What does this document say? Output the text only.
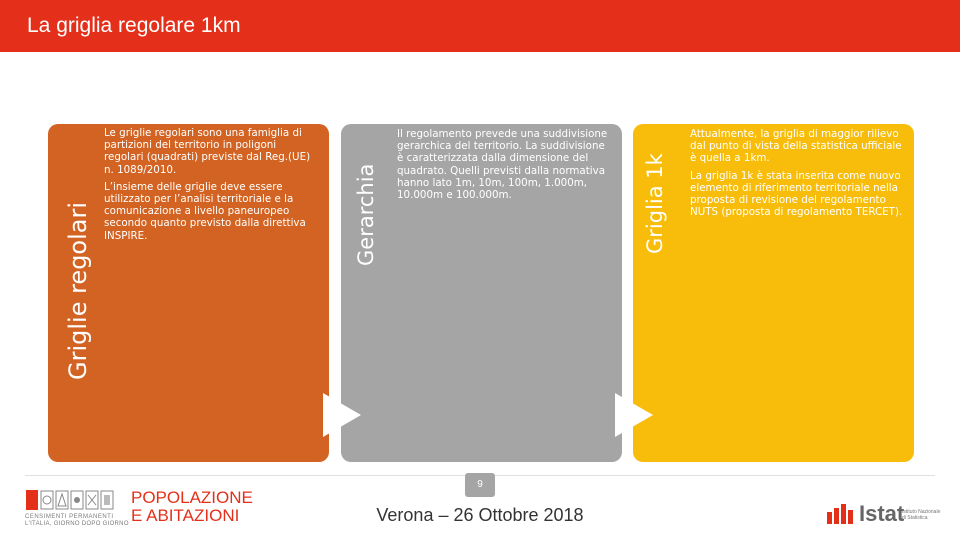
La griglia regolare 1km
Griglie regolari

Le griglie regolari sono una famiglia di partizioni del territorio in poligoni regolari (quadrati) previste dal Reg.(UE) n. 1089/2010.

L’insieme delle griglie deve essere utilizzato per l’analisi territoriale e la comunicazione a livello paneuropeo secondo quanto previsto dalla direttiva INSPIRE.	Gerarchia

Il regolamento prevede una suddivisione gerarchica del territorio. La suddivisione è caratterizzata dalla dimensione del quadrato. Quelli previsti dalla normativa hanno lato 1m, 10m, 100m, 1.000m, 10.000m e 100.000m.	Griglia 1k

Attualmente, la griglia di maggior rilievo dal punto di vista della statistica ufficiale è quella a 1km.

La griglia 1k è stata inserita come nuovo elemento di riferimento territoriale nella proposta di revisione del regolamento NUTS (proposta di regolamento TERCET).

9
CENSIMENTI PERMANENTI
L'ITALIA, GIORNO DOPO GIORNO
POPOLAZIONE
E ABITAZIONI	Verona – 26 Ottobre 2018	Istat
Istituto Nazionale
di Statistica
